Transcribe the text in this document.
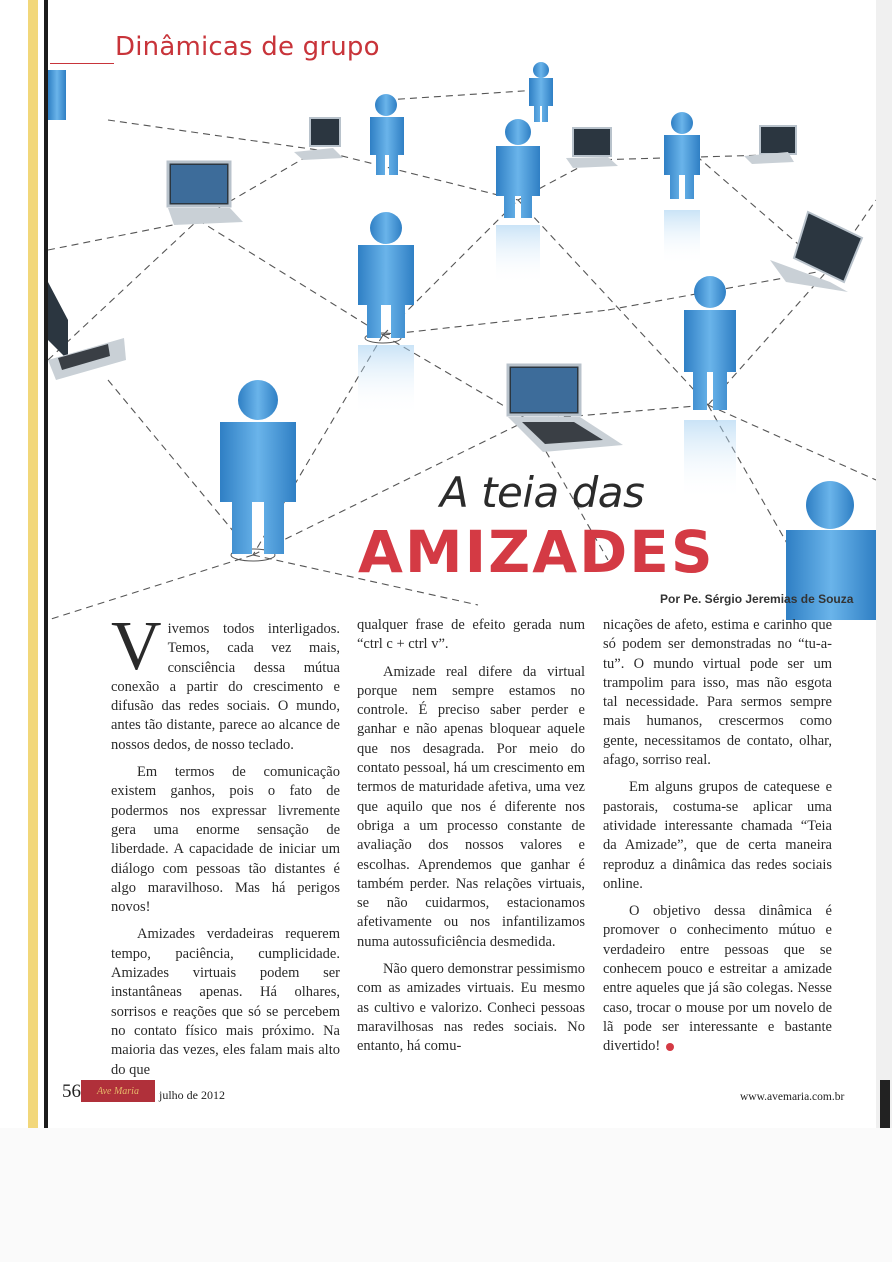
Dinâmicas de grupo
A teia das
AMIZADES
Por Pe. Sérgio Jeremias de Souza
V ivemos todos interligados. Temos, cada vez mais, consciência dessa mútua conexão a partir do crescimento e difusão das redes sociais. O mundo, antes tão distante, parece ao alcance de nossos dedos, de nosso teclado.

Em termos de comunicação existem ganhos, pois o fato de podermos nos expressar livremente gera uma enorme sensação de liberdade. A capacidade de iniciar um diálogo com pessoas tão distantes é algo maravilhoso. Mas há perigos novos!

Amizades verdadeiras requerem tempo, paciência, cumplicidade. Amizades virtuais podem ser instantâneas apenas. Há olhares, sorrisos e reações que só se percebem no contato físico mais próximo. Na maioria das vezes, eles falam mais alto do que

qualquer frase de efeito gerada num “ctrl c + ctrl v”.

Amizade real difere da virtual porque nem sempre estamos no controle. É preciso saber perder e ganhar e não apenas bloquear aquele que nos desagrada. Por meio do contato pessoal, há um crescimento em termos de maturidade afetiva, uma vez que aquilo que nos é diferente nos obriga a um processo constante de avaliação dos nossos valores e escolhas. Aprendemos que ganhar é também perder. Nas relações virtuais, se não cuidarmos, estacionamos afetivamente ou nos infantilizamos numa autossuficiência desmedida.

Não quero demonstrar pessimismo com as amizades virtuais. Eu mesmo as cultivo e valorizo. Conheci pessoas maravilhosas nas redes sociais. No entanto, há comu-

nicações de afeto, estima e carinho que só podem ser demonstradas no “tu-a-tu”. O mundo virtual pode ser um trampolim para isso, mas não esgota tal necessidade. Para sermos sempre mais humanos, crescermos como gente, necessitamos de contato, olhar, afago, sorriso real.

Em alguns grupos de catequese e pastorais, costuma-se aplicar uma atividade interessante chamada “Teia da Amizade”, que de certa maneira reproduz a dinâmica das redes sociais online.

O objetivo dessa dinâmica é promover o conhecimento mútuo e verdadeiro entre pessoas que se conhecem pouco e estreitar a amizade entre aqueles que já são colegas. Nesse caso, trocar o mouse por um novelo de lã pode ser interessante e bastante divertido!

56	Ave Maria	julho de 2012	www.avemaria.com.br
